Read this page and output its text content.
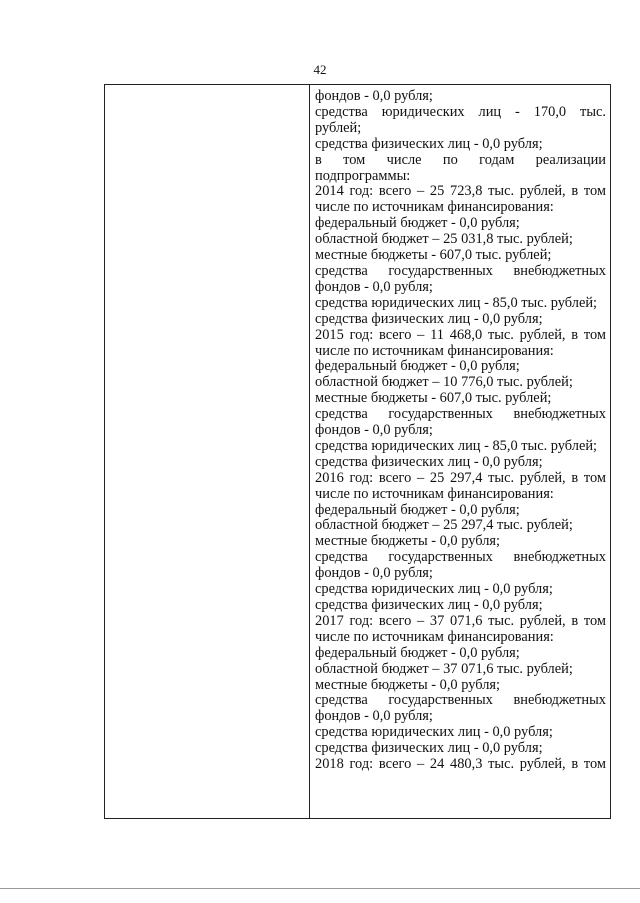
42
фондов - 0,0 рубля;
средства юридических лиц - 170,0 тыс.
рублей;
средства физических лиц - 0,0 рубля;
в том числе по годам реализации
подпрограммы:
2014 год: всего – 25 723,8 тыс. рублей, в том
числе по источникам финансирования:
федеральный бюджет - 0,0 рубля;
областной бюджет – 25 031,8 тыс. рублей;
местные бюджеты - 607,0 тыс. рублей;
средства государственных внебюджетных
фондов - 0,0 рубля;
средства юридических лиц - 85,0 тыс. рублей;
средства физических лиц - 0,0 рубля;
2015 год: всего – 11 468,0 тыс. рублей, в том
числе по источникам финансирования:
федеральный бюджет - 0,0 рубля;
областной бюджет – 10 776,0 тыс. рублей;
местные бюджеты - 607,0 тыс. рублей;
средства государственных внебюджетных
фондов - 0,0 рубля;
средства юридических лиц - 85,0 тыс. рублей;
средства физических лиц - 0,0 рубля;
2016 год: всего – 25 297,4 тыс. рублей, в том
числе по источникам финансирования:
федеральный бюджет - 0,0 рубля;
областной бюджет – 25 297,4 тыс. рублей;
местные бюджеты - 0,0 рубля;
средства государственных внебюджетных
фондов - 0,0 рубля;
средства юридических лиц - 0,0 рубля;
средства физических лиц - 0,0 рубля;
2017 год: всего – 37 071,6 тыс. рублей, в том
числе по источникам финансирования:
федеральный бюджет - 0,0 рубля;
областной бюджет – 37 071,6 тыс. рублей;
местные бюджеты - 0,0 рубля;
средства государственных внебюджетных
фондов - 0,0 рубля;
средства юридических лиц - 0,0 рубля;
средства физических лиц - 0,0 рубля;
2018 год: всего – 24 480,3 тыс. рублей, в том
